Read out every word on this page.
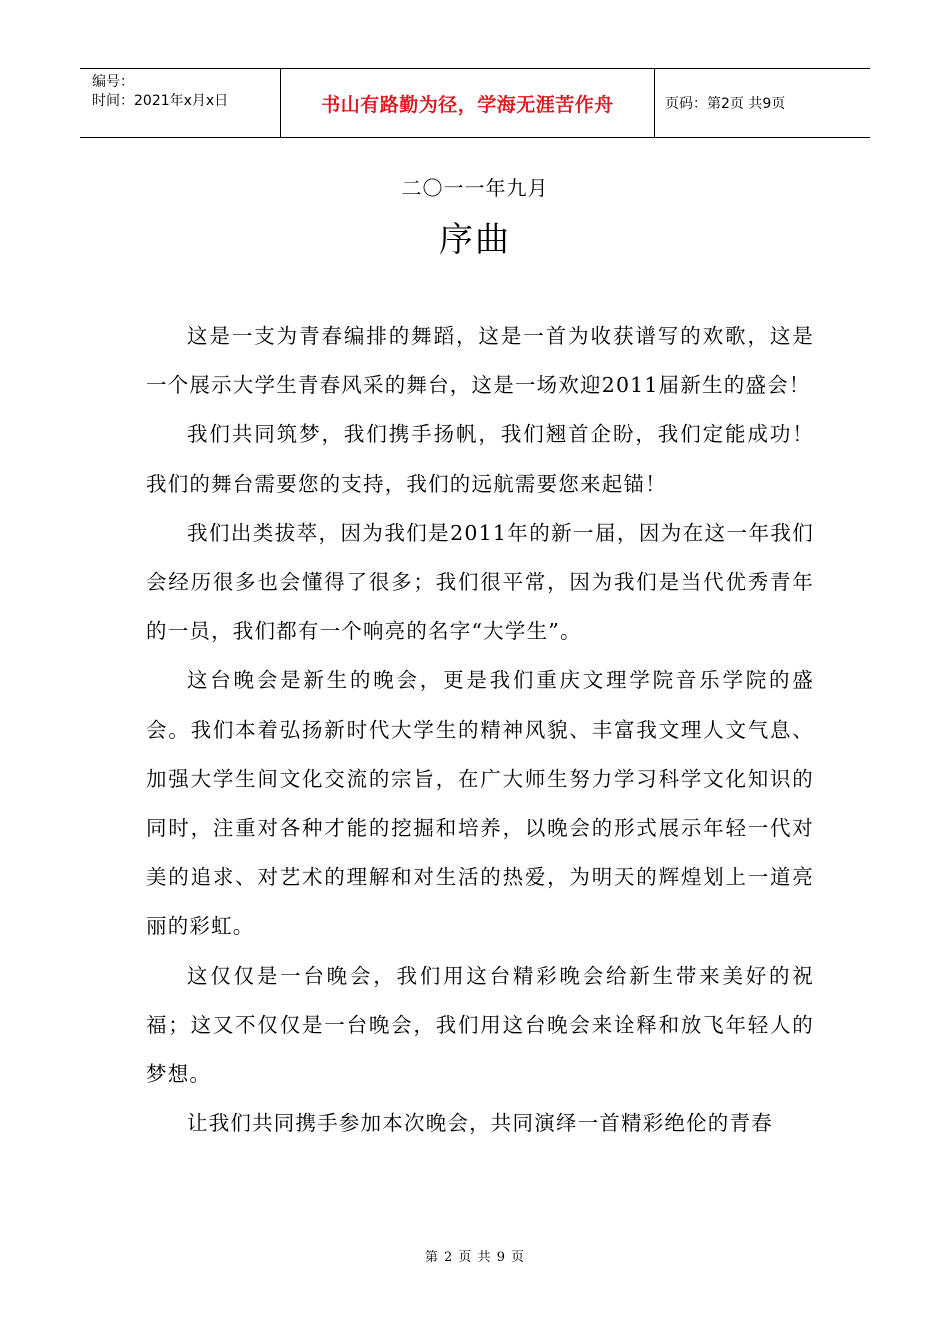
编号：
时间：2021年x月x日	书山有路勤为径，学海无涯苦作舟	页码：第2页 共9页
二〇一一年九月
序曲

这是一支为青春编排的舞蹈，这是一首为收获谱写的欢歌，这是一个展示大学生青春风采的舞台，这是一场欢迎2011届新生的盛会！

我们共同筑梦，我们携手扬帆，我们翘首企盼，我们定能成功！我们的舞台需要您的支持，我们的远航需要您来起锚！

我们出类拔萃，因为我们是2011年的新一届，因为在这一年我们会经历很多也会懂得了很多；我们很平常，因为我们是当代优秀青年的一员，我们都有一个响亮的名字“大学生”。

这台晚会是新生的晚会，更是我们重庆文理学院音乐学院的盛会。我们本着弘扬新时代大学生的精神风貌、丰富我文理人文气息、加强大学生间文化交流的宗旨，在广大师生努力学习科学文化知识的同时，注重对各种才能的挖掘和培养，以晚会的形式展示年轻一代对美的追求、对艺术的理解和对生活的热爱，为明天的辉煌划上一道亮丽的彩虹。

这仅仅是一台晚会，我们用这台精彩晚会给新生带来美好的祝福；这又不仅仅是一台晚会，我们用这台晚会来诠释和放飞年轻人的梦想。

让我们共同携手参加本次晚会，共同演绎一首精彩绝伦的青春

第 2 页 共 9 页
